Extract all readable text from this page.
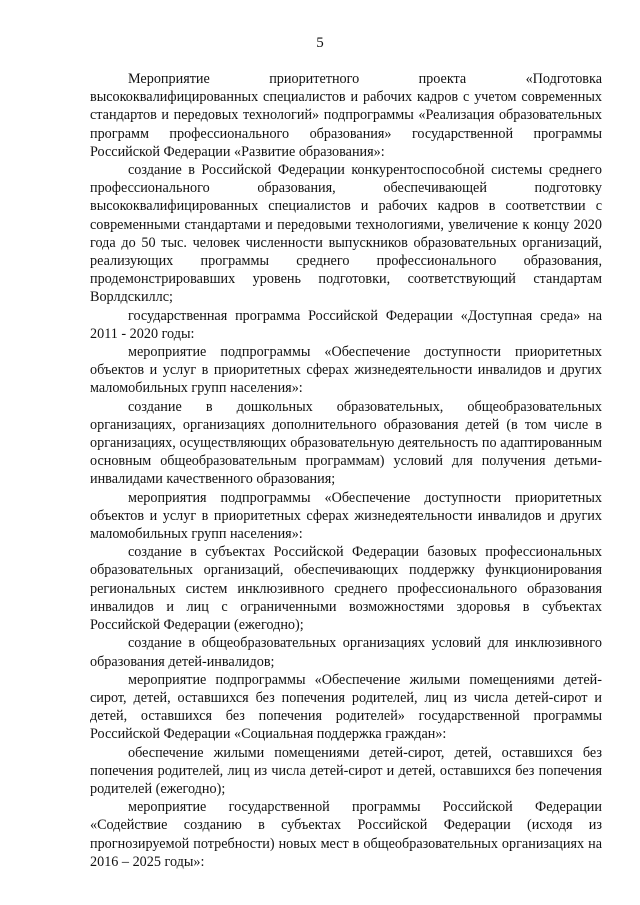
5

Мероприятие приоритетного проекта «Подготовка высококвалифицированных специалистов и рабочих кадров с учетом современных стандартов и передовых технологий» подпрограммы «Реализация образовательных программ профессионального образования» государственной программы Российской Федерации «Развитие образования»:

создание в Российской Федерации конкурентоспособной системы среднего профессионального образования, обеспечивающей подготовку высококвалифицированных специалистов и рабочих кадров в соответствии с современными стандартами и передовыми технологиями, увеличение к концу 2020 года до 50 тыс. человек численности выпускников образовательных организаций, реализующих программы среднего профессионального образования, продемонстрировавших уровень подготовки, соответствующий стандартам Ворлдскиллс;

государственная программа Российской Федерации «Доступная среда» на 2011 - 2020 годы:

мероприятие подпрограммы «Обеспечение доступности приоритетных объектов и услуг в приоритетных сферах жизнедеятельности инвалидов и других маломобильных групп населения»:

создание в дошкольных образовательных, общеобразовательных организациях, организациях дополнительного образования детей (в том числе в организациях, осуществляющих образовательную деятельность по адаптированным основным общеобразовательным программам) условий для получения детьми-инвалидами качественного образования;

мероприятия подпрограммы «Обеспечение доступности приоритетных объектов и услуг в приоритетных сферах жизнедеятельности инвалидов и других маломобильных групп населения»:

создание в субъектах Российской Федерации базовых профессиональных образовательных организаций, обеспечивающих поддержку функционирования региональных систем инклюзивного среднего профессионального образования инвалидов и лиц с ограниченными возможностями здоровья в субъектах Российской Федерации (ежегодно);

создание в общеобразовательных организациях условий для инклюзивного образования детей-инвалидов;

мероприятие подпрограммы «Обеспечение жилыми помещениями детей-сирот, детей, оставшихся без попечения родителей, лиц из числа детей-сирот и детей, оставшихся без попечения родителей» государственной программы Российской Федерации «Социальная поддержка граждан»:

обеспечение жилыми помещениями детей-сирот, детей, оставшихся без попечения родителей, лиц из числа детей-сирот и детей, оставшихся без попечения родителей (ежегодно);

мероприятие государственной программы Российской Федерации «Содействие созданию в субъектах Российской Федерации (исходя из прогнозируемой потребности) новых мест в общеобразовательных организациях на 2016 – 2025 годы»:
